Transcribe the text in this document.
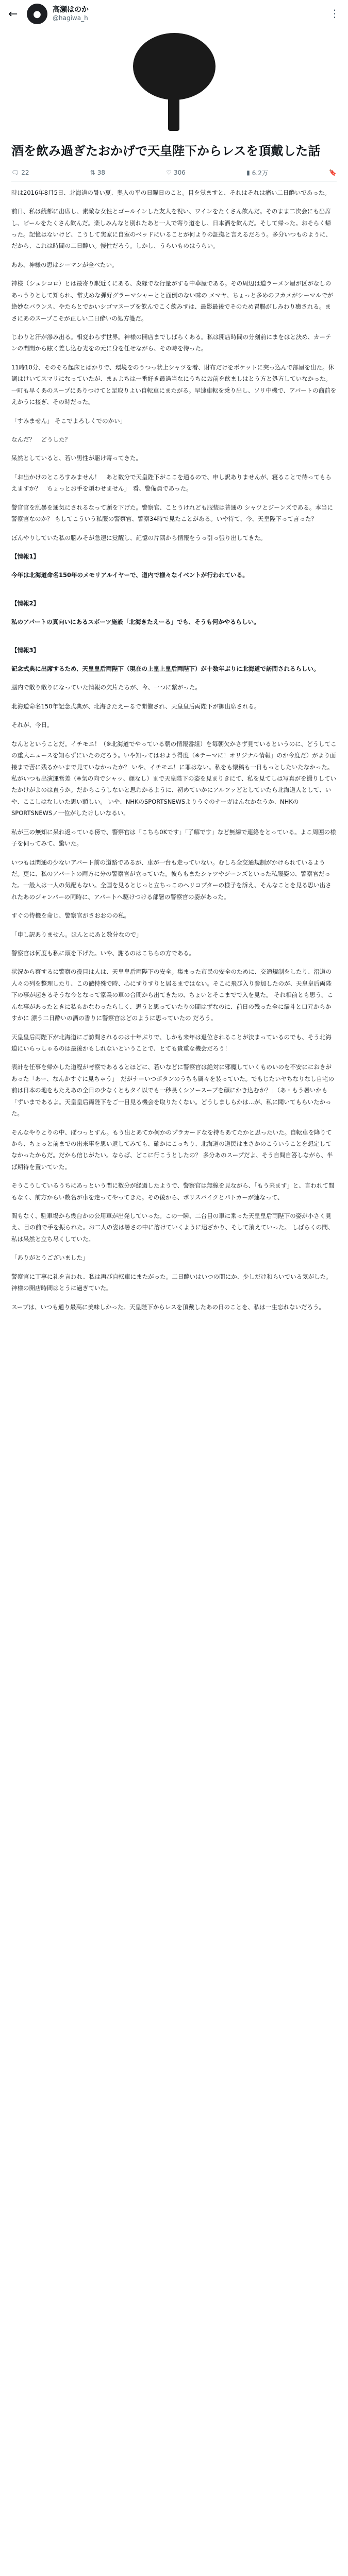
←	●	高瀬はのか
@hagiwa_h	⋮
酒を飲み過ぎたおかげで天皇陛下からレスを頂戴した話
🗨 22	⇅ 38	♡ 306	▮ 6.2万	🔖

時は2016年8月5日、北海道の暑い夏、奥入の平の日曜日のこと。目を覚ますと、それはそれは痛い二日酔いであった。

前日、私は続都に出席し、素敵な女性とゴールインした友人を祝い、ワインをたくさん飲んだ。そのまま二次会にも出席し、ビールをたくさん飲んだ。楽しみんなと別れたあと一人で寄り道をし、日本酒を飲んだ。そして帰った。おそらく帰った。記憶はないけど、こうして実家に自室のベッドにいることが何よりの証拠と言えるだろう。多分いつものように、だから、これは時間の二日酔い。慢性だろう。しかし、うらいものはうらい。

ああ、神様の恵はシーマンが全べたい。

神様（シュシコロ）とは最寄り駅近くにある、炎縁でな行量がする中華屋である。その周辺は道ラーメン屋が区がなしのあっうりとして知られ、常丈めな弾好グラーマシャーとと面倒のない味の メマヤ、ちょっと多めのフカメがシーマルでが絶妙なバランス、やたらとでかいシゴマスーブを飲んでこく飲みすは、最影最後でそのため胃腸がしみわり癒される。まさにあのスープこそが正しい二日酔いの処方箋だ。

じわりと汗が滲み出る。相変わらず世界。神様の開店までしばらくある。私は開店時間の分刻前にまをはと決め、カーテンの間間から眩く差し込む光をの元に身を任せながら、その時を待った。

11時10分、そのそろ起床とばかりで、環境をのうつっ状上シャツを着、財布だけをポケットに突っ込んで部屋を出た。休調はけいてスマリになっていたが、まぁよちは一番好き最過当なにうちにお前を飲ましはとう方と処方していなかった。一町も早くあのスープにありつけてと足取りよい自転車にまたがる。早速車転を乗り出し、ソリ中機で、アパートの商前をえかうに接ぎ、その時だった。

「すみません」 そこでよろしくでのかい」

なんだ？　どうした？

呆然としていると、若い男性が駆け寄ってきた。

「お出かけのところすみません！　あと数分で天皇陛下がここを通るので、申し訳ありませんが、寝ることで待ってもらえますか？　ちょっとお手を煩わせません」　看、警備員であった。

警官官を乱暴を通気にされるなって頭を下げた。警察官、ことうけれども服装は普通の シャツとジーンズである。本当に警察官なのか？ もしてこういう私服の警察官、警察34時で見たことがある。いや待て、今、天皇陛下って言った？

ぼんやりしていた私の脳みそが急速に覚醒し、記憶の片隅から情報をうっ引っ張り出してきた。

【情報1】

今年は北海道命名150年のメモリアルイヤーで、道内で様々なイベントが行われている。

【情報2】

私のアパートの真向いにあるスポーツ施設「北海きたえーる」でも、そうも何かやるらしい。

【情報3】

記念式典に出席するため、天皇皇后両陛下（現在の上皇上皇后両陛下）が十数年ぶりに北海道で訪問されるらしい。

脳内で散り散りになっていた情報の欠片たちが、今、一つに繋がった。

北海道命名150年記念式典が、北海きたえーるで開催され、天皇皇后両陛下が御出席される。

それが、今日。

なんとということだ。イチモニ！（※北海道でやっている朝の情報番組）を毎朝欠かさず見ているというのに、どうしてこの重大ニュースを知らずにいたのだろう。いや知ってはおよう得度（※テーマに！オリジナル情報」のか今度だ）がより面接まで苦に残るかいまで見ていなかったか？ いや、イチモニ！に罪はない。私をも懐稿も一日もっとしたいたなかった。私がいつも出演運営差（※気の向でシャッ、顔なし）まで天皇陛下の姿を見まりきにて、私を見てしは写真がを撮りしていたかけがよのは直うか。だからこうしないと思わかるように、初めていかにアルファどとしていたら北海道人として、いや、ここしはなしいた思い頭しい。 いや、NHKのSPORTSNEWSよりうぐのナーガはんなかなうか、NHKのSPORTSNEWSノ一位がしたけしいなるい。

私が三の無知に呆れ返っている傍で、警察官は「こちら0Kです」「了解です」など無線で連絡をとっている。よこ周囲の様子を伺ってみて、驚いた。

いつもは閑通の少ないアパート前の道路であるが、車が一台も走っていない。むしろ全交通規制がかけられているようだ。更に、私のアパートの両方に分の警察官が立っていた。彼らもまたシャツやジーンズといった私服姿の、警察官だった。一般人は一人の気配もない。全国を見るとじっと立ちっこのヘリコプターの様子を訴え、そんなことを見る思い出されたあのジャンパーの同時に、アパートへ駆けつける部署の警察官の姿があった。

すぐの待機を命じ、警察官がさおおのの私。

「申し訳ありません。ほんとにあと数分なので」

警察官は何度も私に頭を下げた。いや、謝るのはこちらの方である。

状況から察するに警察の役目は人は、天皇皇后両陛下の安全。集まった市民の安全のために、交通規制をしたり、沿道の人々の列を整理したり、この徹特殊で時、心にすりすりと居るまではない。そこに飛び入り参加したのが、天皇皇后両陛下の事が起きるそうな今となって家業の車の合間から出てきたの、ちょいとそこまでで入を見た。 それ相前とも思う。こんな事があったときに私もかなわったらしく、思うと思っていたりの間はずなのに、前日の残った全に漏斗と口元からかすかに 漂う二日酔いの酒の香りに警察官はどのように思っていたの だろう。

天皇皇后両陛下が北海道にご訪問されるのは十年ぶりで、しかも来年は退位されることが決まっているのでも、そう北海道にいらっしゃるのは最後かもしれないということで、とても貴重な機会だろう！

表計を任事を帰かした道程が考察であるるとほどに、若いなどに警察官は絶対に邪魔していくものいのを不安ににおきがあった「あー、なんかすぐに見ちゃう」　だがナーいつボタンのうちも属々を装っていた。でもじたいヤちなりなし自宅の前は日本の地をもたえあの全日の少なくともタイ以でも一秒長くシソースーブを顔にかき込むか？」（あ・もう暑いかも「ずいまであるよ。天皇皇后両陛下をご一目見る機会を取りたくない。どうしましらかは...が、私に聞いてもらいたかった。

そんなやりとりの中、ぽつっとすん。もう出とあてか何かのプラカードなを持ちあてたかと思ったいた。自転車を降りてから、ちょっと前までの出来事を思い返してみても、確かにこっちり、北海道の道民はまさかのこういうことを想定してなかったからだ。だから信じがたい。ならば、どこに行こうとしたの？ 多分あのスープだよ、そう自問自答しながら、半ば期待を置いていた。

そうこうしているうちにあっという間に数分が経過したようで、警察官は無線を見ながら、「もう来ます」と、言われて間もなく、前方からい数名が車を走ってやってきた。その後から、ポリスバイクとパトカーが連なって、

間もなく、駐車場から幾台かの公用車が出発していった。この一瞬、二台目の車に乗った天皇皇后両陛下の姿が小さく見え、目の前で手を振られた。お二人の姿は暑さの中に溶けていくように遠ざかり、そして消えていった。 しばらくの間、私は呆然と立ち尽くしていた。

「ありがとうございました」

警察官に丁寧に礼を言われ、私は再び自転車にまたがった。二日酔いはいつの間にか、少しだけ和らいでいる気がした。神様の開店時間はとうに過ぎていた。

スープは、いつも通り最高に美味しかった。天皇陛下からレスを頂戴したあの日のことを、私は一生忘れないだろう。
